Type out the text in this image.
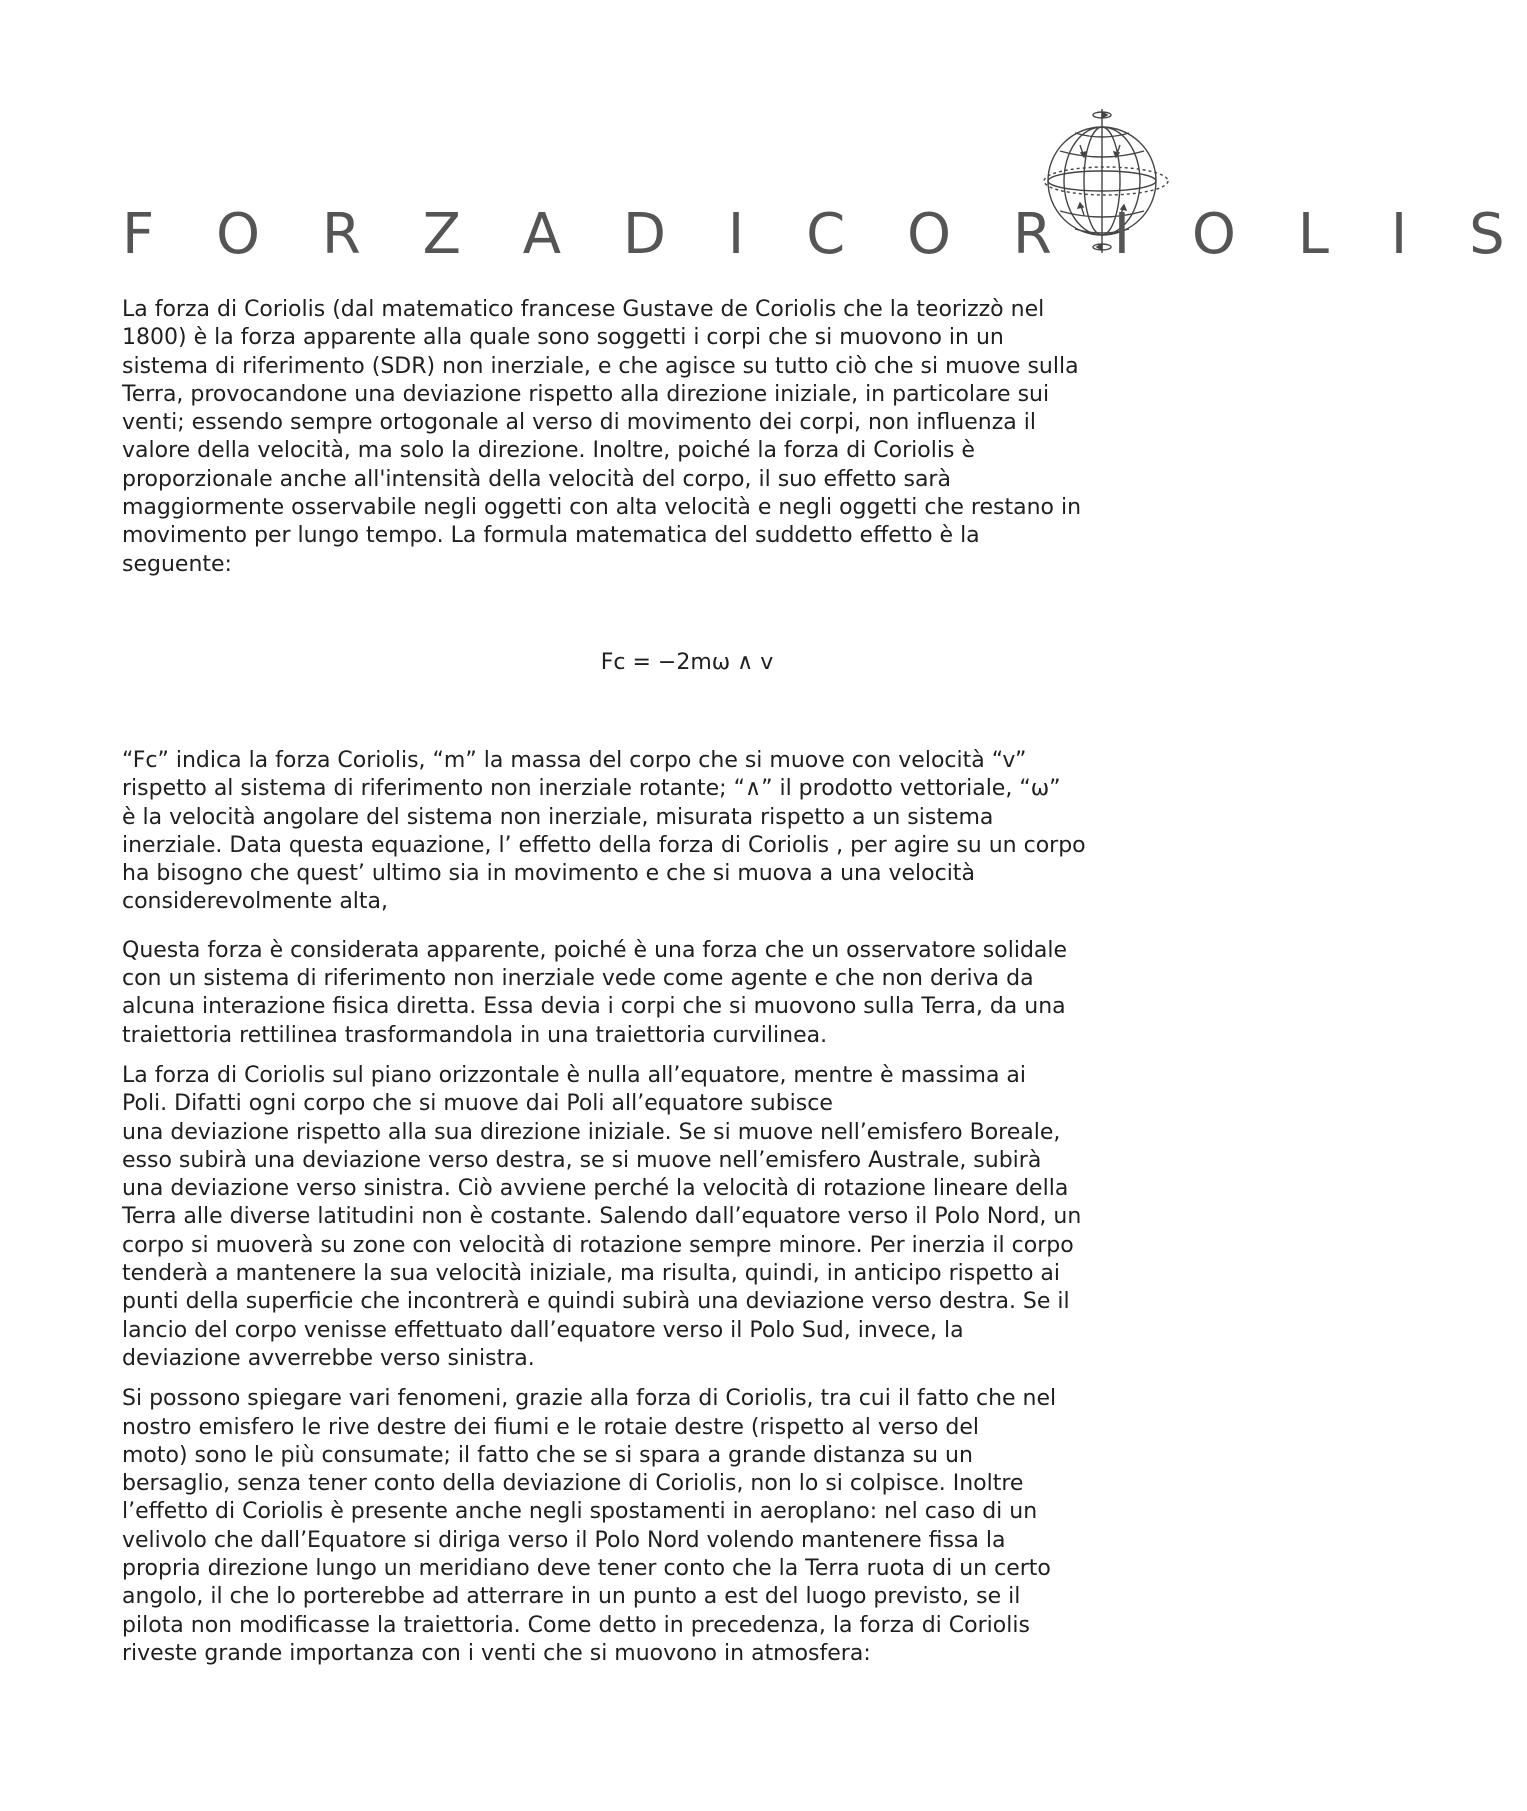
F O R Z A D I C O R I O L I S

La forza di Coriolis (dal matematico francese Gustave de Coriolis che la teorizzò nel
1800) è la forza apparente alla quale sono soggetti i corpi che si muovono in un
sistema di riferimento (SDR) non inerziale, e che agisce su tutto ciò che si muove sulla
Terra, provocandone una deviazione rispetto alla direzione iniziale, in particolare sui
venti; essendo sempre ortogonale al verso di movimento dei corpi, non influenza il
valore della velocità, ma solo la direzione. Inoltre, poiché la forza di Coriolis è
proporzionale anche all'intensità della velocità del corpo, il suo effetto sarà
maggiormente osservabile negli oggetti con alta velocità e negli oggetti che restano in
movimento per lungo tempo. La formula matematica del suddetto effetto è la
seguente:

Fc = −2mω ∧ v

“Fc” indica la forza Coriolis, “m” la massa del corpo che si muove con velocità “v”
rispetto al sistema di riferimento non inerziale rotante; “∧” il prodotto vettoriale, “ω”
è la velocità angolare del sistema non inerziale, misurata rispetto a un sistema
inerziale. Data questa equazione, l’ effetto della forza di Coriolis , per agire su un corpo
ha bisogno che quest’ ultimo sia in movimento e che si muova a una velocità
considerevolmente alta,

Questa forza è considerata apparente, poiché è una forza che un osservatore solidale
con un sistema di riferimento non inerziale vede come agente e che non deriva da
alcuna interazione fisica diretta. Essa devia i corpi che si muovono sulla Terra, da una
traiettoria rettilinea trasformandola in una traiettoria curvilinea.

La forza di Coriolis sul piano orizzontale è nulla all’equatore, mentre è massima ai
Poli. Difatti ogni corpo che si muove dai Poli all’equatore subisce
una deviazione rispetto alla sua direzione iniziale. Se si muove nell’emisfero Boreale,
esso subirà una deviazione verso destra, se si muove nell’emisfero Australe, subirà
una deviazione verso sinistra. Ciò avviene perché la velocità di rotazione lineare della
Terra alle diverse latitudini non è costante. Salendo dall’equatore verso il Polo Nord, un
corpo si muoverà su zone con velocità di rotazione sempre minore. Per inerzia il corpo
tenderà a mantenere la sua velocità iniziale, ma risulta, quindi, in anticipo rispetto ai
punti della superficie che incontrerà e quindi subirà una deviazione verso destra. Se il
lancio del corpo venisse effettuato dall’equatore verso il Polo Sud, invece, la
deviazione avverrebbe verso sinistra.

Si possono spiegare vari fenomeni, grazie alla forza di Coriolis, tra cui il fatto che nel
nostro emisfero le rive destre dei fiumi e le rotaie destre (rispetto al verso del
moto) sono le più consumate; il fatto che se si spara a grande distanza su un
bersaglio, senza tener conto della deviazione di Coriolis, non lo si colpisce. Inoltre
l’effetto di Coriolis è presente anche negli spostamenti in aeroplano: nel caso di un
velivolo che dall’Equatore si diriga verso il Polo Nord volendo mantenere fissa la
propria direzione lungo un meridiano deve tener conto che la Terra ruota di un certo
angolo, il che lo porterebbe ad atterrare in un punto a est del luogo previsto, se il
pilota non modificasse la traiettoria. Come detto in precedenza, la forza di Coriolis
riveste grande importanza con i venti che si muovono in atmosfera:
